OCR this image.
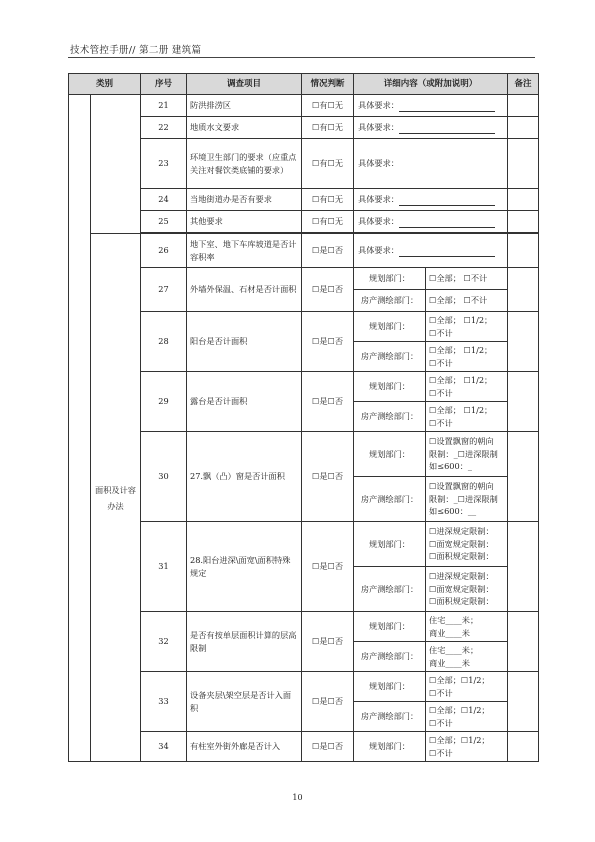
技术管控手册// 第二册 建筑篇
类别		序号	调查项目	情况判断	详细内容（或附加说明）		备注
		21	防洪排涝区	☐有☐无	具体要求：		
		22	地质水文要求	☐有☐无	具体要求：		
		23	环境卫生部门的要求（应重点关注对餐饮类底铺的要求）	☐有☐无	具体要求：		
		24	当地街道办是否有要求	☐有☐无	具体要求：		
		25	其他要求	☐有☐无	具体要求：		

	面积及计容办法	26	地下室、地下车库坡道是否计容积率	☐是☐否	具体要求：		
		27	外墙外保温、石材是否计面积	☐是☐否	规划部门：	☐全部； ☐不计	
					房产测绘部门：	☐全部； ☐不计	
		28	阳台是否计面积	☐是☐否	规划部门：	☐全部； ☐1/2；
☐不计	

					房产测绘部门：	☐全部； ☐1/2；
☐不计	

		29	露台是否计面积	☐是☐否	规划部门：	☐全部； ☐1/2；
☐不计	

					房产测绘部门：	☐全部； ☐1/2；
☐不计	

		30	27.飘（凸）窗是否计面积	☐是☐否	规划部门：	☐设置飘窗的朝向
限制：_☐进深限制
如≤600：_	

					房产测绘部门：	☐设置飘窗的朝向
限制：_☐进深限制
如≤600：__	

		31	28.阳台进深\面宽\面积特殊规定	☐是☐否	规划部门：	☐进深规定限制：
☐面宽规定限制：
☐面积规定限制：	

					房产测绘部门：	☐进深规定限制：
☐面宽规定限制：
☐面积规定限制：	

		32	是否有按单层面积计算的层高限制	☐是☐否	规划部门：	住宅____米；
商业____米	

					房产测绘部门：	住宅____米；
商业____米	

		33	设备夹层\架空层是否计入面积	☐是☐否	规划部门：	☐全部；☐1/2；
☐不计	

					房产测绘部门：	☐全部；☐1/2；
☐不计	

		34	有柱室外街外廊是否计入	☐是☐否	规划部门：	☐全部；☐1/2；
☐不计	

10
